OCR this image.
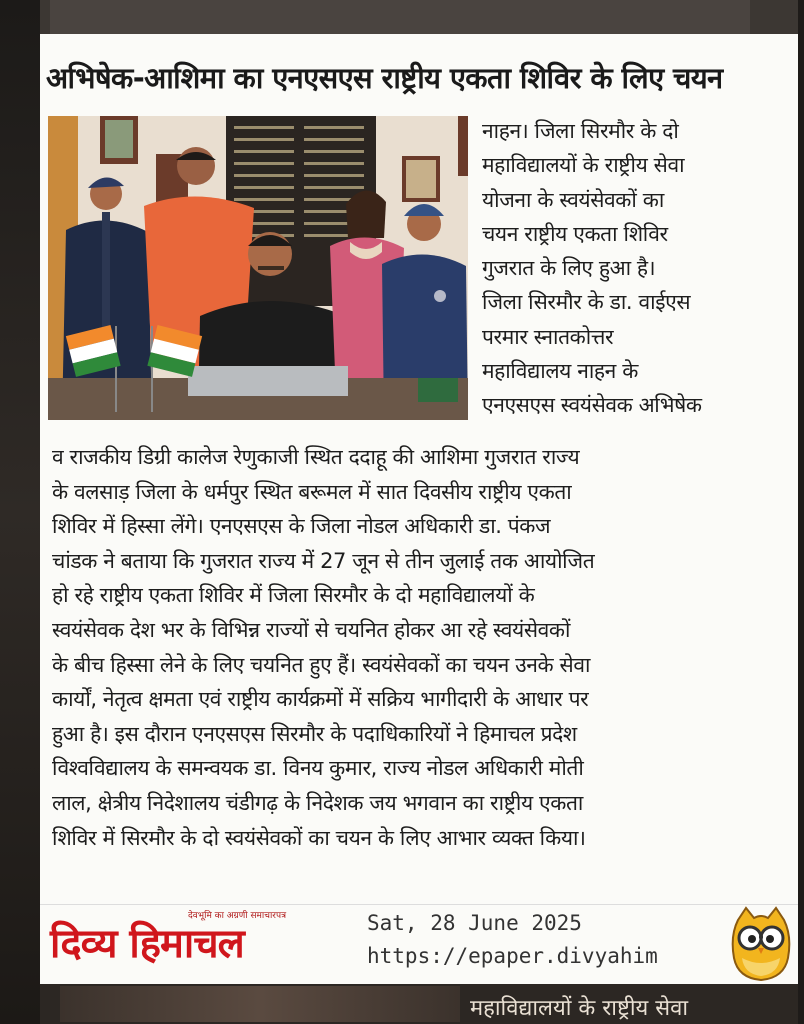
महाविद्यालयों के राष्ट्रीय सेवा
अभिषेक-आशिमा का एनएसएस राष्ट्रीय एकता शिविर के लिए चयन
नाहन। जिला सिरमौर के दो
महाविद्यालयों के राष्ट्रीय सेवा
योजना के स्वयंसेवकों का
चयन राष्ट्रीय एकता शिविर
गुजरात के लिए हुआ है।
जिला सिरमौर के डा. वाईएस
परमार स्नातकोत्तर
महाविद्यालय नाहन के
एनएसएस स्वयंसेवक अभिषेक
व राजकीय डिग्री कालेज रेणुकाजी स्थित ददाहू की आशिमा गुजरात राज्य
के वलसाड़ जिला के धर्मपुर स्थित बरूमल में सात दिवसीय राष्ट्रीय एकता
शिविर में हिस्सा लेंगे। एनएसएस के जिला नोडल अधिकारी डा. पंकज
चांडक ने बताया कि गुजरात राज्य में 27 जून से तीन जुलाई तक आयोजित
हो रहे राष्ट्रीय एकता शिविर में जिला सिरमौर के दो महाविद्यालयों के
स्वयंसेवक देश भर के विभिन्न राज्यों से चयनित होकर आ रहे स्वयंसेवकों
के बीच हिस्सा लेने के लिए चयनित हुए हैं। स्वयंसेवकों का चयन उनके सेवा
कार्यों, नेतृत्व क्षमता एवं राष्ट्रीय कार्यक्रमों में सक्रिय भागीदारी के आधार पर
हुआ है। इस दौरान एनएसएस सिरमौर के पदाधिकारियों ने हिमाचल प्रदेश
विश्वविद्यालय के समन्वयक डा. विनय कुमार, राज्य नोडल अधिकारी मोती
लाल, क्षेत्रीय निदेशालय चंडीगढ़ के निदेशक जय भगवान का राष्ट्रीय एकता
शिविर में सिरमौर के दो स्वयंसेवकों का चयन के लिए आभार व्यक्त किया।
देवभूमि का अग्रणी समाचारपत्र
दिव्य हिमाचल	Sat, 28 June 2025
https://epaper.divyahim
